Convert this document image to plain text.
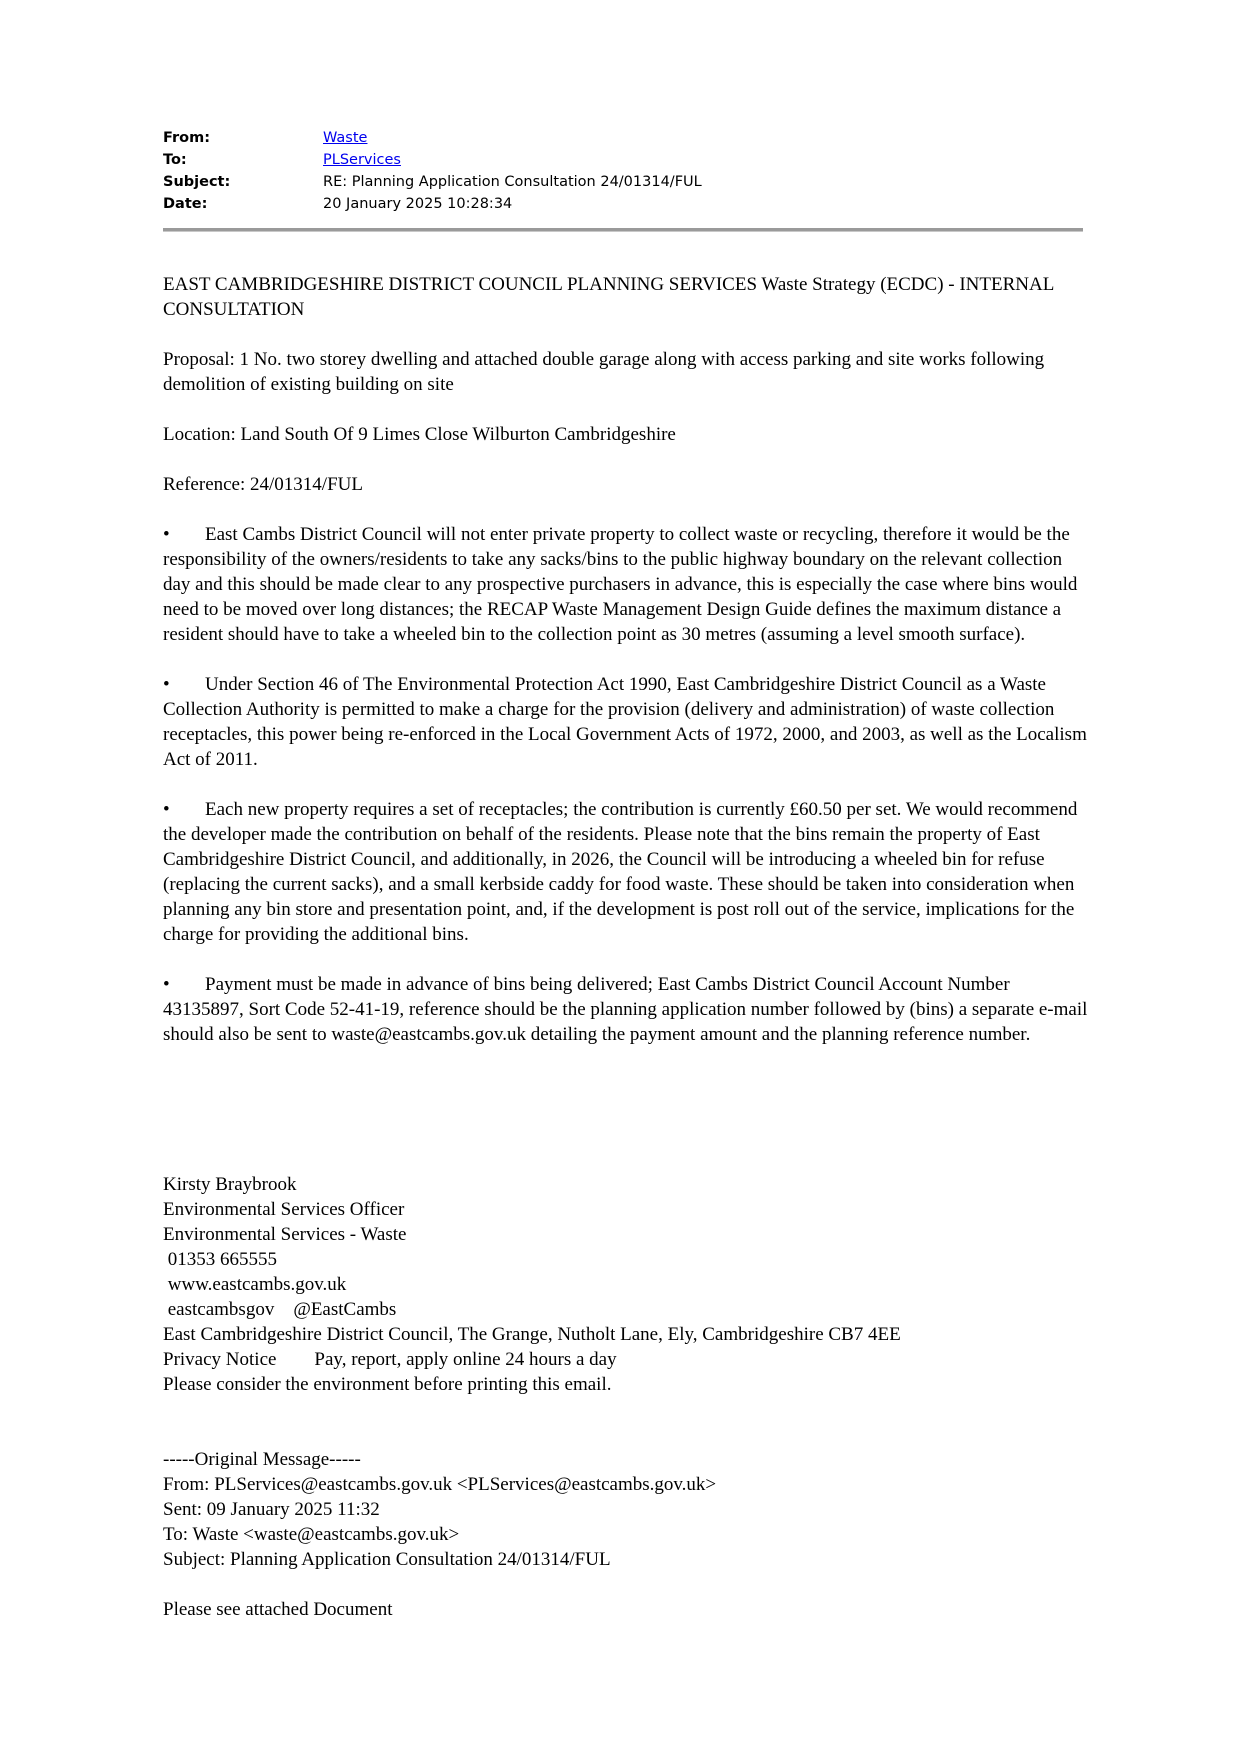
From:	Waste
To:	PLServices
Subject:	RE: Planning Application Consultation 24/01314/FUL
Date:	20 January 2025 10:28:34

EAST CAMBRIDGESHIRE DISTRICT COUNCIL PLANNING SERVICES Waste Strategy (ECDC) - INTERNAL CONSULTATION

Proposal: 1 No. two storey dwelling and attached double garage along with access parking and site works following demolition of existing building on site

Location: Land South Of 9 Limes Close Wilburton Cambridgeshire

Reference: 24/01314/FUL

• East Cambs District Council will not enter private property to collect waste or recycling, therefore it would be the responsibility of the owners/residents to take any sacks/bins to the public highway boundary on the relevant collection day and this should be made clear to any prospective purchasers in advance, this is especially the case where bins would need to be moved over long distances; the RECAP Waste Management Design Guide defines the maximum distance a resident should have to take a wheeled bin to the collection point as 30 metres (assuming a level smooth surface).

• Under Section 46 of The Environmental Protection Act 1990, East Cambridgeshire District Council as a Waste Collection Authority is permitted to make a charge for the provision (delivery and administration) of waste collection receptacles, this power being re-enforced in the Local Government Acts of 1972, 2000, and 2003, as well as the Localism Act of 2011.

• Each new property requires a set of receptacles; the contribution is currently £60.50 per set. We would recommend the developer made the contribution on behalf of the residents. Please note that the bins remain the property of East Cambridgeshire District Council, and additionally, in 2026, the Council will be introducing a wheeled bin for refuse (replacing the current sacks), and a small kerbside caddy for food waste. These should be taken into consideration when planning any bin store and presentation point, and, if the development is post roll out of the service, implications for the charge for providing the additional bins.

• Payment must be made in advance of bins being delivered; East Cambs District Council Account Number 43135897, Sort Code 52-41-19, reference should be the planning application number followed by (bins) a separate e-mail should also be sent to waste@eastcambs.gov.uk detailing the payment amount and the planning reference number.

Kirsty Braybrook

Environmental Services Officer

Environmental Services - Waste

01353 665555

www.eastcambs.gov.uk

eastcambsgov    @EastCambs

East Cambridgeshire District Council, The Grange, Nutholt Lane, Ely, Cambridgeshire CB7 4EE

Privacy Notice        Pay, report, apply online 24 hours a day

Please consider the environment before printing this email.

-----Original Message-----

From: PLServices@eastcambs.gov.uk <PLServices@eastcambs.gov.uk>

Sent: 09 January 2025 11:32

To: Waste <waste@eastcambs.gov.uk>

Subject: Planning Application Consultation 24/01314/FUL

Please see attached Document
